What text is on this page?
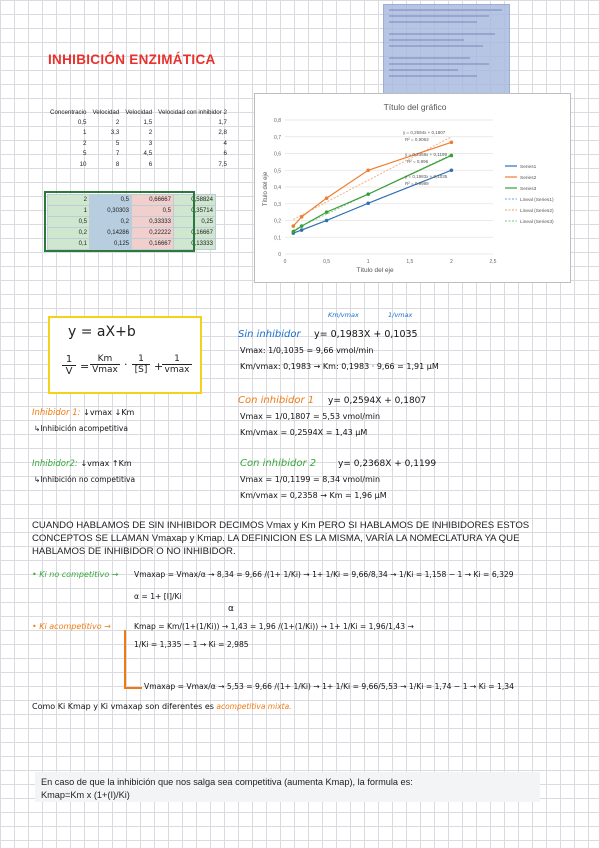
INHIBICIÓN ENZIMÁTICA
Concentracio	Velocidad	Velocidad	Velocidad con inhibidor 2
0,5	2	1,5	1,7
1	3,3	2	2,8
2	5	3	4
5	7	4,5	6
10	8	6	7,5
2	0,5	0,66667	0,58824
1	0,30303	0,5	0,35714
0,5	0,2	0,33333	0,25
0,2	0,14286	0,22222	0,16667
0,1	0,125	0,16667	0,13333
Título del gráfico
Título del eje
Título del eje
0
0,1
0,2
0,3
0,4
0,5
0,6
0,7
0,8
0	0,5	1	1,5	2	2,5
y = 0,2594x + 0,1807
R² = 0,9063
y = 0,2368x + 0,1199
R² = 0,996
y = 0,1983x + 0,1035
R² = 0,9989
Series1
Series2
Series3
Lineal (Series1)
Lineal (Series2)
Lineal (Series3)
y = aX+b
$\frac{1}{V}$ =
Km
$Vmax \cdot \frac{1}{[S]}$ +
1
vmax
Sin inhibidor
Km/vmax	1/vmax
y= 0,1983X + 0,1035
Vmax: 1/0,1035 = 9,66 vmol/min
Km/vmax: 0,1983 → Km: 0,1983 · 9,66 = 1,91 µM
Con inhibidor 1 y= 0,2594X + 0,1807
Vmax = 1/0,1807 = 5,53 vmol/min
Km/vmax = 0,2594X = 1,43 µM
Con inhibidor 2 y= 0,2368X + 0,1199
Vmax = 1/0,1199 = 8,34 vmol/min
Km/vmax = 0,2358 → Km = 1,96 µM
Inhibidor 1: ↓vmax ↓Km
↳Inhibición acompetitiva
Inhibidor2: ↓vmax ↑Km
↳Inhibición no competitiva
CUANDO HABLAMOS DE SIN INHIBIDOR DECIMOS Vmax y Km PERO SI HABLAMOS DE INHIBIDORES ESTOS CONCEPTOS SE LLAMAN Vmaxap y Kmap. LA DEFINICION ES LA MISMA, VARÍA LA NOMECLATURA YA QUE HABLAMOS DE INHIBIDOR O NO INHIBIDOR.
• Ki no competitivo → Vmaxap = Vmax/α → 8,34 = 9,66 /(1+ 1/Ki) → 1+ 1/Ki = 9,66/8,34 → 1/Ki = 1,158 − 1 → Ki = 6,329
α = 1+ [I]/Ki
α
• Ki acompetitivo →	Kmap = Km/(1+(1/Ki)) → 1,43 = 1,96 /(1+(1/Ki)) → 1+ 1/Ki = 1,96/1,43 →
1/Ki = 1,335 − 1 → Ki = 2,985
Vmaxap = Vmax/α → 5,53 = 9,66 /(1+ 1/Ki) → 1+ 1/Ki = 9,66/5,53 → 1/Ki = 1,74 − 1 → Ki = 1,34
Como Ki Kmap y Ki vmaxap son diferentes es acompetitiva mixta.
En caso de que la inhibición que nos salga sea competitiva (aumenta Kmap), la formula es:
Kmap=Km x (1+(I)/Ki)
